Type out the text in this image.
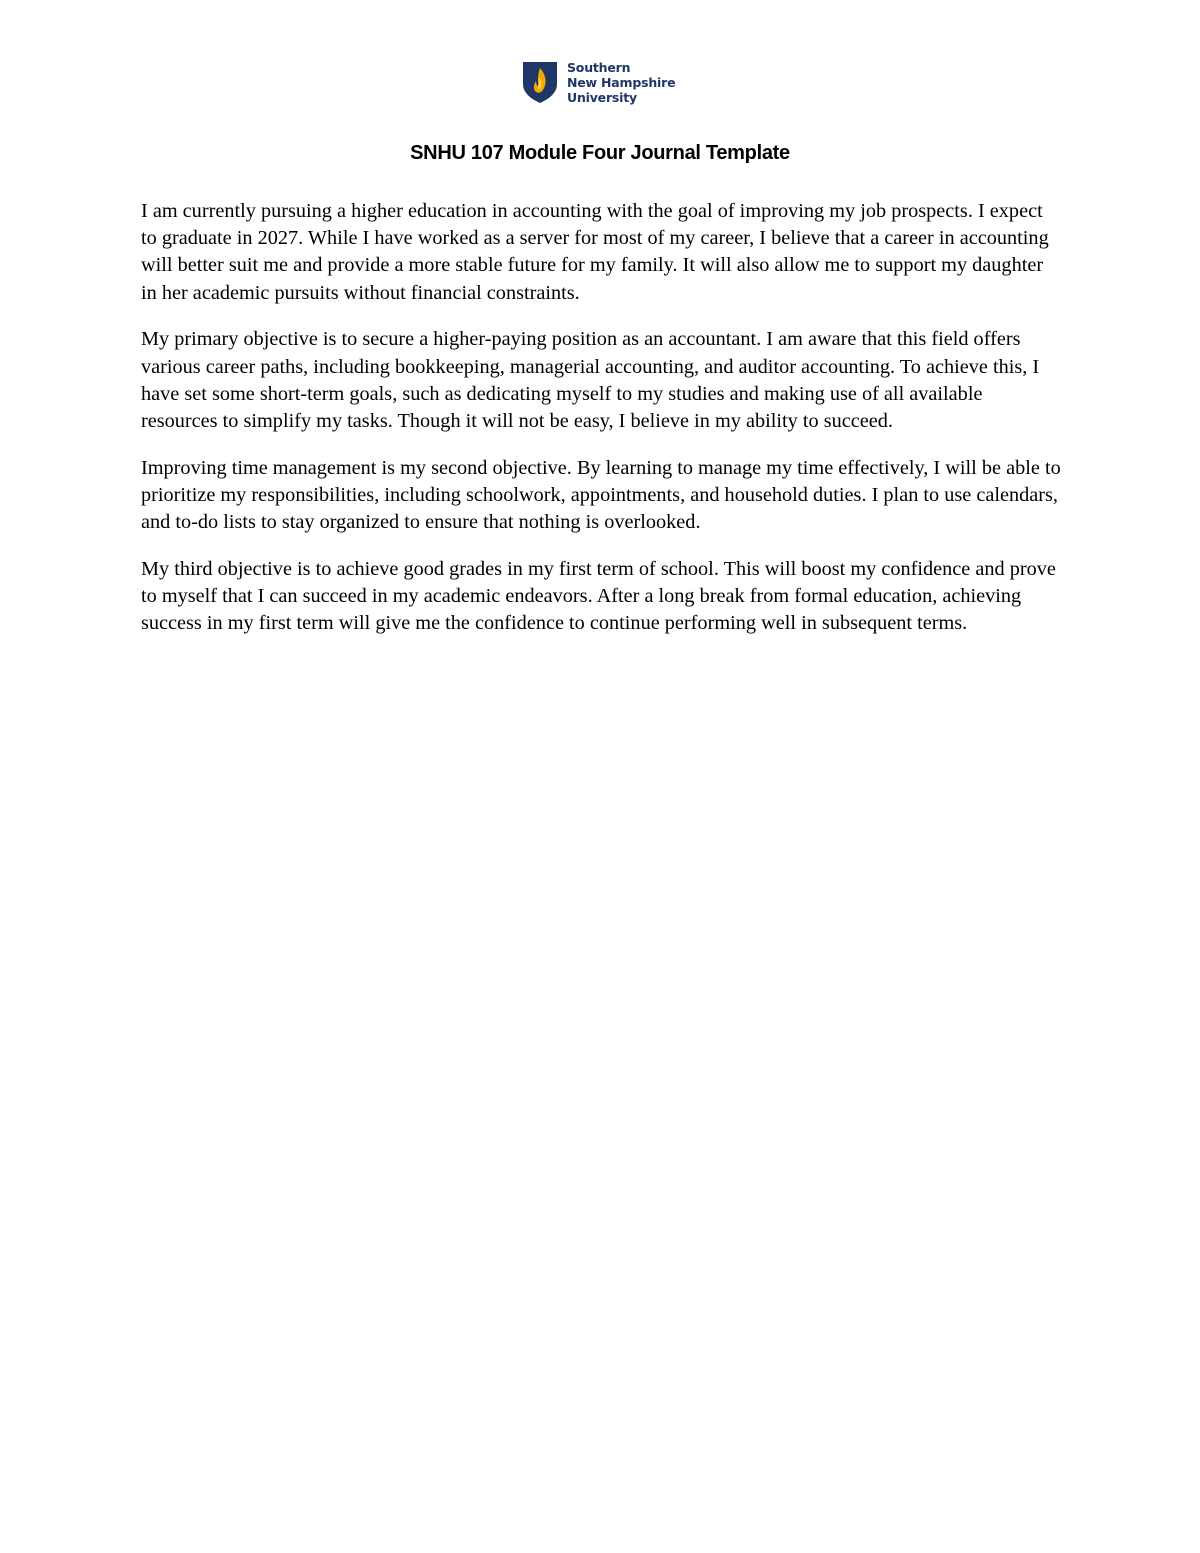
Southern
New Hampshire
University
SNHU 107 Module Four Journal Template

I am currently pursuing a higher education in accounting with the goal of improving my job prospects. I expect to graduate in 2027. While I have worked as a server for most of my career, I believe that a career in accounting will better suit me and provide a more stable future for my family. It will also allow me to support my daughter in her academic pursuits without financial constraints.

My primary objective is to secure a higher-paying position as an accountant. I am aware that this field offers various career paths, including bookkeeping, managerial accounting, and auditor accounting. To achieve this, I have set some short-term goals, such as dedicating myself to my studies and making use of all available resources to simplify my tasks. Though it will not be easy, I believe in my ability to succeed.

Improving time management is my second objective. By learning to manage my time effectively, I will be able to prioritize my responsibilities, including schoolwork, appointments, and household duties. I plan to use calendars, and to-do lists to stay organized to ensure that nothing is overlooked.

My third objective is to achieve good grades in my first term of school. This will boost my confidence and prove to myself that I can succeed in my academic endeavors. After a long break from formal education, achieving success in my first term will give me the confidence to continue performing well in subsequent terms.
